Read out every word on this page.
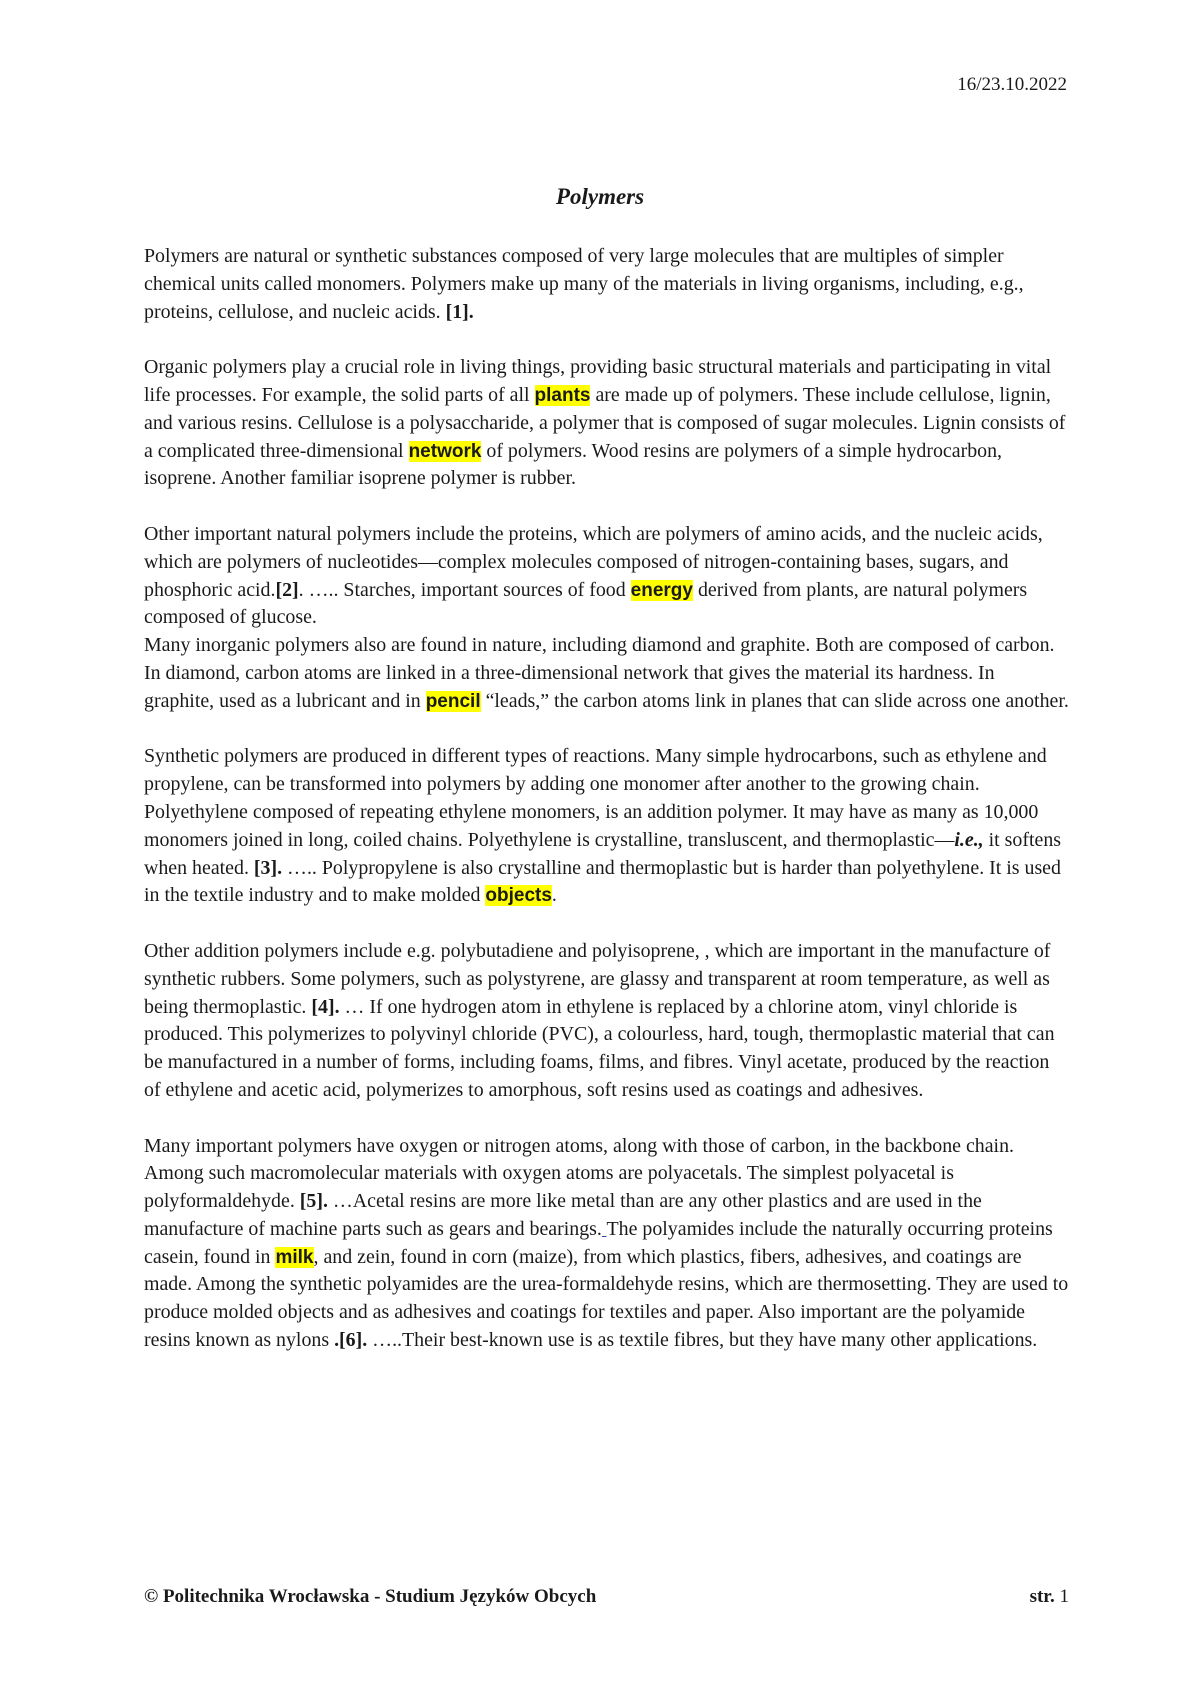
16/23.10.2022
Polymers

Polymers are natural or synthetic substances composed of very large molecules that are multiples of simpler chemical units called monomers. Polymers make up many of the materials in living organisms, including, e.g., proteins, cellulose, and nucleic acids. [1].

Organic polymers play a crucial role in living things, providing basic structural materials and participating in vital life processes. For example, the solid parts of all plants are made up of polymers. These include cellulose, lignin, and various resins. Cellulose is a polysaccharide, a polymer that is composed of sugar molecules. Lignin consists of a complicated three-dimensional network of polymers. Wood resins are polymers of a simple hydrocarbon, isoprene. Another familiar isoprene polymer is rubber.

Other important natural polymers include the proteins, which are polymers of amino acids, and the nucleic acids, which are polymers of nucleotides—complex molecules composed of nitrogen-containing bases, sugars, and phosphoric acid.[2]. ….. Starches, important sources of food energy derived from plants, are natural polymers composed of glucose.

Many inorganic polymers also are found in nature, including diamond and graphite. Both are composed of carbon. In diamond, carbon atoms are linked in a three-dimensional network that gives the material its hardness. In graphite, used as a lubricant and in pencil “leads,” the carbon atoms link in planes that can slide across one another.

Synthetic polymers are produced in different types of reactions. Many simple hydrocarbons, such as ethylene and propylene, can be transformed into polymers by adding one monomer after another to the growing chain. Polyethylene composed of repeating ethylene monomers, is an addition polymer. It may have as many as 10,000 monomers joined in long, coiled chains. Polyethylene is crystalline, transluscent, and thermoplastic—i.e., it softens when heated. [3]. ….. Polypropylene is also crystalline and thermoplastic but is harder than polyethylene. It is used in the textile industry and to make molded objects.

Other addition polymers include e.g. polybutadiene and polyisoprene, , which are important in the manufacture of synthetic rubbers. Some polymers, such as polystyrene, are glassy and transparent at room temperature, as well as being thermoplastic. [4]. … If one hydrogen atom in ethylene is replaced by a chlorine atom, vinyl chloride is produced. This polymerizes to polyvinyl chloride (PVC), a colourless, hard, tough, thermoplastic material that can be manufactured in a number of forms, including foams, films, and fibres. Vinyl acetate, produced by the reaction of ethylene and acetic acid, polymerizes to amorphous, soft resins used as coatings and adhesives.

Many important polymers have oxygen or nitrogen atoms, along with those of carbon, in the backbone chain. Among such macromolecular materials with oxygen atoms are polyacetals. The simplest polyacetal is polyformaldehyde. [5]. …Acetal resins are more like metal than are any other plastics and are used in the manufacture of machine parts such as gears and bearings. The polyamides include the naturally occurring proteins casein, found in milk, and zein, found in corn (maize), from which plastics, fibers, adhesives, and coatings are made. Among the synthetic polyamides are the urea-formaldehyde resins, which are thermosetting. They are used to produce molded objects and as adhesives and coatings for textiles and paper. Also important are the polyamide resins known as nylons .[6]. …..Their best-known use is as textile fibres, but they have many other applications.

© Politechnika Wrocławska - Studium Języków Obcych	str. 1
